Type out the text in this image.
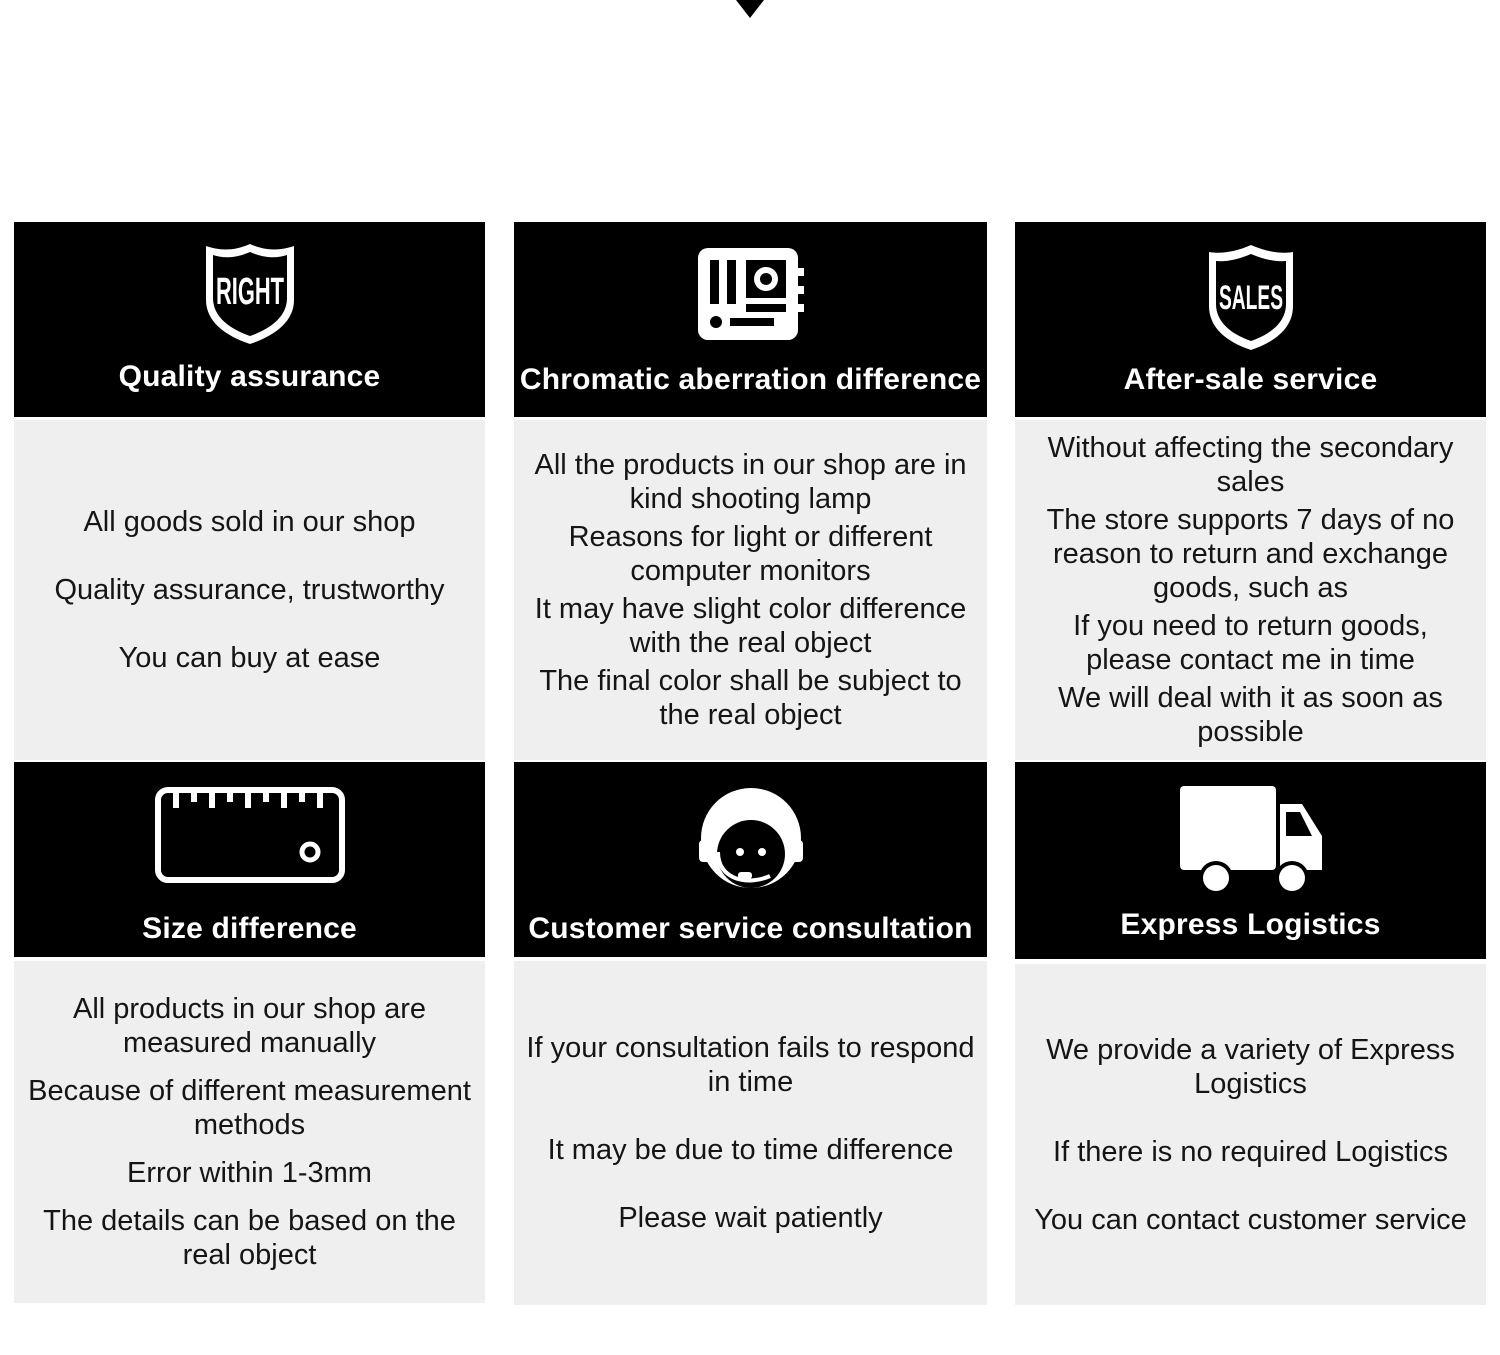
RIGHT
Quality assurance

All goods sold in our shop

Quality assurance, trustworthy

You can buy at ease

Chromatic aberration difference

All the products in our shop are in kind shooting lamp

Reasons for light or different computer monitors

It may have slight color difference with the real object

The final color shall be subject to the real object

SALES
After-sale service

Without affecting the secondary sales

The store supports 7 days of no reason to return and exchange goods, such as

If you need to return goods, please contact me in time

We will deal with it as soon as possible

Size difference

All products in our shop are measured manually

Because of different measurement methods

Error within 1-3mm

The details can be based on the real object

Customer service consultation

If your consultation fails to respond in time

It may be due to time difference

Please wait patiently

Express Logistics

We provide a variety of Express Logistics

If there is no required Logistics

You can contact customer service
